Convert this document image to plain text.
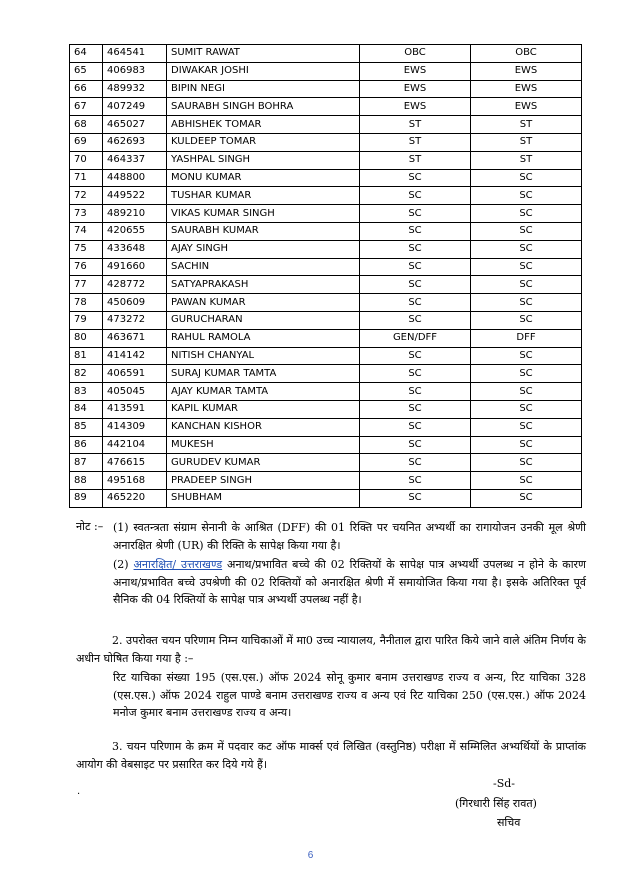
64	464541	SUMIT RAWAT	OBC	OBC
65	406983	DIWAKAR JOSHI	EWS	EWS
66	489932	BIPIN NEGI	EWS	EWS
67	407249	SAURABH SINGH BOHRA	EWS	EWS
68	465027	ABHISHEK TOMAR	ST	ST
69	462693	KULDEEP TOMAR	ST	ST
70	464337	YASHPAL SINGH	ST	ST
71	448800	MONU KUMAR	SC	SC
72	449522	TUSHAR KUMAR	SC	SC
73	489210	VIKAS KUMAR SINGH	SC	SC
74	420655	SAURABH KUMAR	SC	SC
75	433648	AJAY SINGH	SC	SC
76	491660	SACHIN	SC	SC
77	428772	SATYAPRAKASH	SC	SC
78	450609	PAWAN KUMAR	SC	SC
79	473272	GURUCHARAN	SC	SC
80	463671	RAHUL RAMOLA	GEN/DFF	DFF
81	414142	NITISH CHANYAL	SC	SC
82	406591	SURAJ KUMAR TAMTA	SC	SC
83	405045	AJAY KUMAR TAMTA	SC	SC
84	413591	KAPIL KUMAR	SC	SC
85	414309	KANCHAN KISHOR	SC	SC
86	442104	MUKESH	SC	SC
87	476615	GURUDEV KUMAR	SC	SC
88	495168	PRADEEP SINGH	SC	SC
89	465220	SHUBHAM	SC	SC
नोट :– (1) स्वतन्त्रता संग्राम सेनानी के आश्रित (DFF) की 01 रिक्ति पर चयनित अभ्यर्थी का रागायोजन उनकी मूल श्रेणी अनारक्षित श्रेणी (UR) की रिक्ति के सापेक्ष किया गया है।
(2) अनारक्षित/ उत्तराखण्ड अनाथ/प्रभावित बच्चे की 02 रिक्तियों के सापेक्ष पात्र अभ्यर्थी उपलब्ध न होने के कारण अनाथ/प्रभावित बच्चे उपश्रेणी की 02 रिक्तियों को अनारक्षित श्रेणी में समायोजित किया गया है। इसके अतिरिक्त पूर्व सैनिक की 04 रिक्तियों के सापेक्ष पात्र अभ्यर्थी उपलब्ध नहीं है।
2. उपरोक्त चयन परिणाम निम्न याचिकाओं में मा0 उच्च न्यायालय, नैनीताल द्वारा पारित किये जाने वाले अंतिम निर्णय के अधीन घोषित किया गया है :–
रिट याचिका संख्या 195 (एस.एस.) ऑफ 2024 सोनू कुमार बनाम उत्तराखण्ड राज्य व अन्य, रिट याचिका 328 (एस.एस.) ऑफ 2024 राहुल पाण्डे बनाम उत्तराखण्ड राज्य व अन्य एवं रिट याचिका 250 (एस.एस.) ऑफ 2024 मनोज कुमार बनाम उत्तराखण्ड राज्य व अन्य।
3. चयन परिणाम के क्रम में पदवार कट ऑफ मार्क्स एवं लिखित (वस्तुनिष्ठ) परीक्षा में सम्मिलित अभ्यर्थियों के प्राप्तांक आयोग की वेबसाइट पर प्रसारित कर दिये गये हैं।
.
-Sd-
(गिरधारी सिंह रावत)
सचिव
6
